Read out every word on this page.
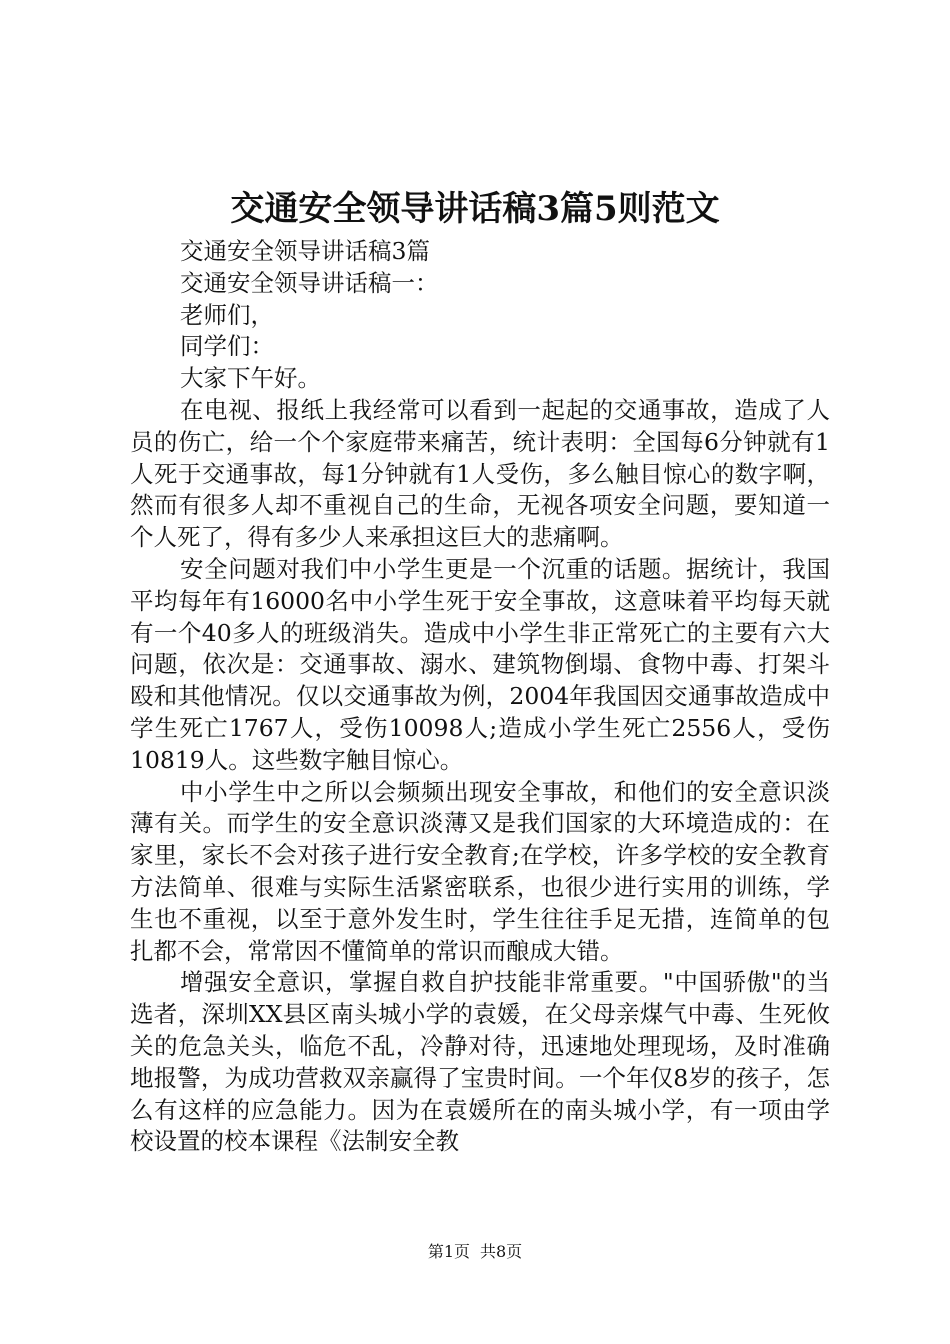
交通安全领导讲话稿3篇5则范文
交通安全领导讲话稿3篇
交通安全领导讲话稿一：
老师们，
同学们：
大家下午好。

在电视、报纸上我经常可以看到一起起的交通事故，造成了人员的伤亡，给一个个家庭带来痛苦，统计表明：全国每6分钟就有1人死于交通事故，每1分钟就有1人受伤，多么触目惊心的数字啊，然而有很多人却不重视自己的生命，无视各项安全问题，要知道一个人死了，得有多少人来承担这巨大的悲痛啊。

安全问题对我们中小学生更是一个沉重的话题。据统计，我国平均每年有16000名中小学生死于安全事故，这意味着平均每天就有一个40多人的班级消失。造成中小学生非正常死亡的主要有六大问题，依次是：交通事故、溺水、建筑物倒塌、食物中毒、打架斗殴和其他情况。仅以交通事故为例，2004年我国因交通事故造成中学生死亡1767人，受伤10098人;造成小学生死亡2556人，受伤10819人。这些数字触目惊心。

中小学生中之所以会频频出现安全事故，和他们的安全意识淡薄有关。而学生的安全意识淡薄又是我们国家的大环境造成的：在家里，家长不会对孩子进行安全教育;在学校，许多学校的安全教育方法简单、很难与实际生活紧密联系，也很少进行实用的训练，学生也不重视，以至于意外发生时，学生往往手足无措，连简单的包扎都不会，常常因不懂简单的常识而酿成大错。

增强安全意识，掌握自救自护技能非常重要。"中国骄傲"的当选者，深圳XX县区南头城小学的袁媛，在父母亲煤气中毒、生死攸关的危急关头，临危不乱，冷静对待，迅速地处理现场，及时准确地报警，为成功营救双亲赢得了宝贵时间。一个年仅8岁的孩子，怎么有这样的应急能力。因为在袁媛所在的南头城小学，有一项由学校设置的校本课程《法制安全教

第1页 共8页
